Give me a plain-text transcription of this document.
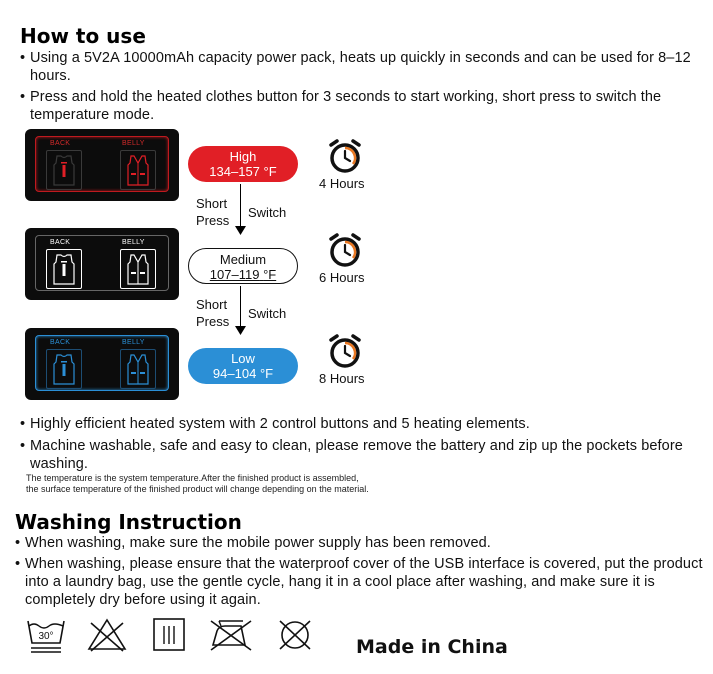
How to use
• Using a 5V2A 10000mAh capacity power pack, heats up quickly in seconds and can be used for 8–12 hours.
• Press and hold the heated clothes button for 3 seconds to start working, short press to switch the temperature mode.
BACK	BELLY
BACK	BELLY
BACK	BELLY
High
134–157 °F
Medium
107–119 °F
Low
94–104 °F
Short
Press
Switch
Short
Press
Switch
4 Hours
6 Hours
8 Hours
• Highly efficient heated system with 2 control buttons and 5 heating elements.
• Machine washable, safe and easy to clean, please remove the battery and zip up the pockets before washing.
The temperature is the system temperature.After the finished product is assembled,
the surface temperature of the finished product will change depending on the material.
Washing Instruction
• When washing, make sure the mobile power supply has been removed.
• When washing, please ensure that the waterproof cover of the USB interface is covered, put the product into a laundry bag, use the gentle cycle, hang it in a cool place after washing, and make sure it is completely dry before using it again.
30°	Made in China
